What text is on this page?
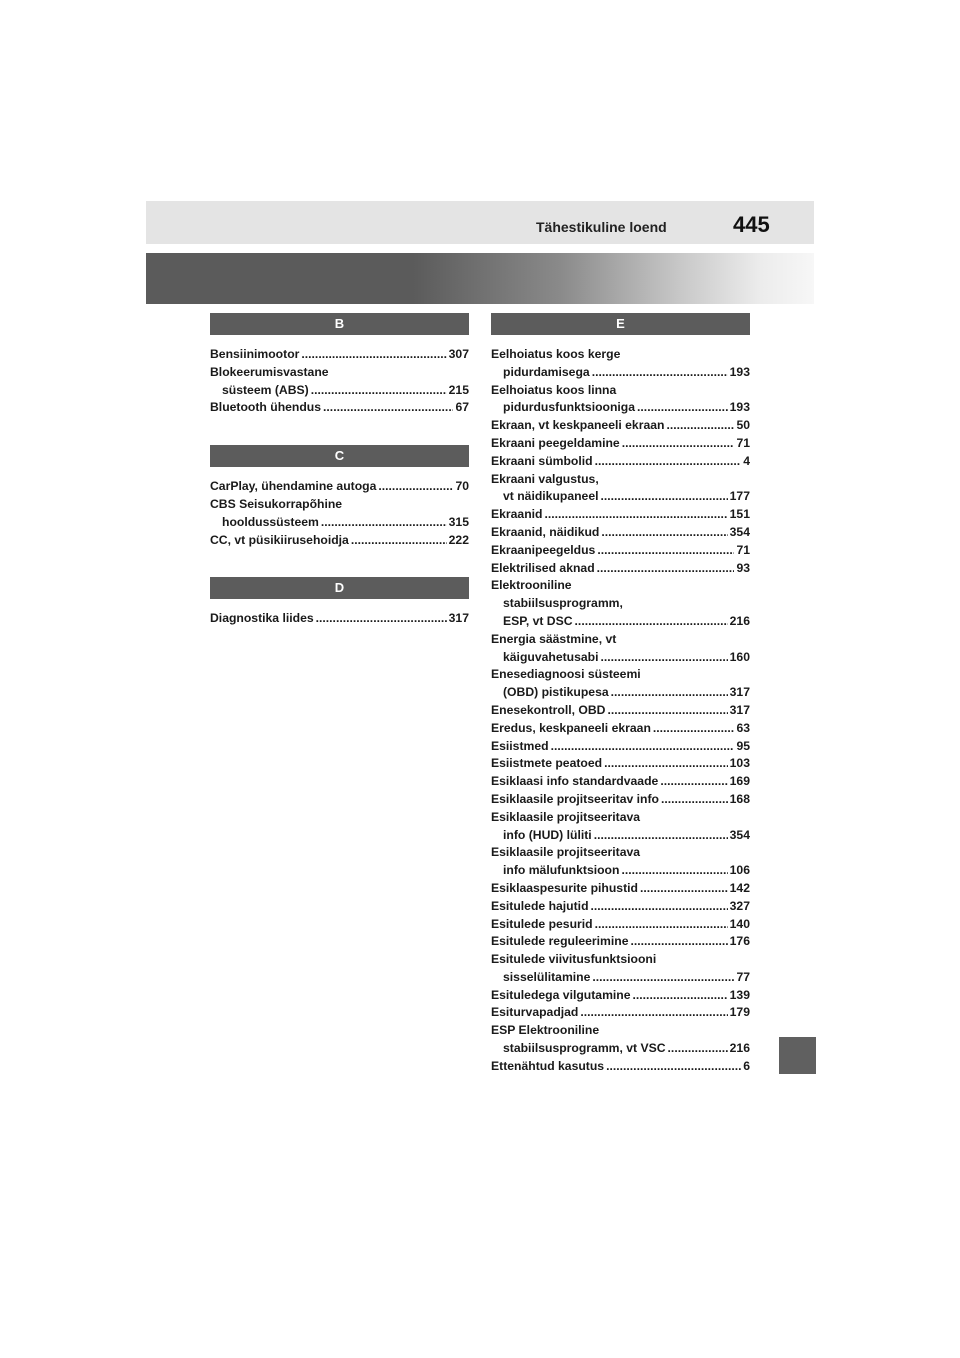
Tähestikuline loend	445
B
Bensiinimootor .....	307
Blokeerumisvastane
süsteem (ABS) .....	215
Bluetooth ühendus .....	67
C
CarPlay, ühendamine autoga .....	70
CBS Seisukorrapõhine
hooldussüsteem .....	315
CC, vt püsikiirusehoidja .....	222
D
Diagnostika liides .....	317
E
Eelhoiatus koos kerge
pidurdamisega .....	193
Eelhoiatus koos linna
pidurdusfunktsiooniga .....	193
Ekraan, vt keskpaneeli ekraan .....	50
Ekraani peegeldamine .....	71
Ekraani sümbolid .....	4
Ekraani valgustus,
vt näidikupaneel .....	177
Ekraanid .....	151
Ekraanid, näidikud .....	354
Ekraanipeegeldus .....	71
Elektrilised aknad .....	93
Elektrooniline
stabiilsusprogramm,
ESP, vt DSC .....	216
Energia säästmine, vt
käiguvahetusabi .....	160
Enesediagnoosi süsteemi
(OBD) pistikupesa .....	317
Enesekontroll, OBD .....	317
Eredus, keskpaneeli ekraan .....	63
Esiistmed .....	95
Esiistmete peatoed .....	103
Esiklaasi info standardvaade .....	169
Esiklaasile projitseeritav info .....	168
Esiklaasile projitseeritava
info (HUD) lüliti .....	354
Esiklaasile projitseeritava
info mälufunktsioon .....	106
Esiklaaspesurite pihustid .....	142
Esitulede hajutid .....	327
Esitulede pesurid .....	140
Esitulede reguleerimine .....	176
Esitulede viivitusfunktsiooni
sisselülitamine .....	77
Esituledega vilgutamine .....	139
Esiturvapadjad .....	179
ESP Elektrooniline
stabiilsusprogramm, vt VSC .....	216
Ettenähtud kasutus .....	6
